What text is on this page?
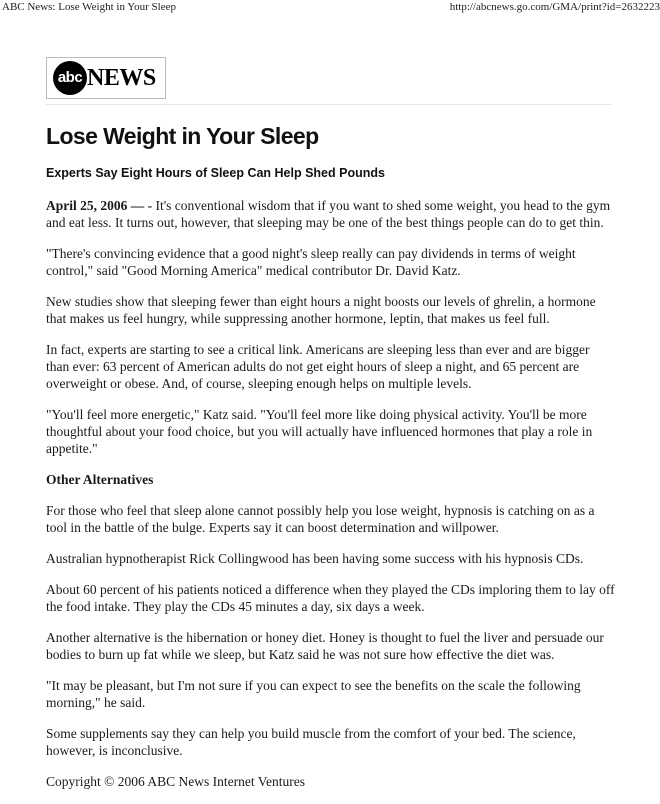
ABC News: Lose Weight in Your Sleep	http://abcnews.go.com/GMA/print?id=2632223
abc NEWS
Lose Weight in Your Sleep
Experts Say Eight Hours of Sleep Can Help Shed Pounds

April 25, 2006 — - It's conventional wisdom that if you want to shed some weight, you head to the gym and eat less. It turns out, however, that sleeping may be one of the best things people can do to get thin.

"There's convincing evidence that a good night's sleep really can pay dividends in terms of weight control," said "Good Morning America" medical contributor Dr. David Katz.

New studies show that sleeping fewer than eight hours a night boosts our levels of ghrelin, a hormone that makes us feel hungry, while suppressing another hormone, leptin, that makes us feel full.

In fact, experts are starting to see a critical link. Americans are sleeping less than ever and are bigger than ever: 63 percent of American adults do not get eight hours of sleep a night, and 65 percent are overweight or obese. And, of course, sleeping enough helps on multiple levels.

"You'll feel more energetic," Katz said. "You'll feel more like doing physical activity. You'll be more thoughtful about your food choice, but you will actually have influenced hormones that play a role in appetite."

Other Alternatives

For those who feel that sleep alone cannot possibly help you lose weight, hypnosis is catching on as a tool in the battle of the bulge. Experts say it can boost determination and willpower.

Australian hypnotherapist Rick Collingwood has been having some success with his hypnosis CDs.

About 60 percent of his patients noticed a difference when they played the CDs imploring them to lay off the food intake. They play the CDs 45 minutes a day, six days a week.

Another alternative is the hibernation or honey diet. Honey is thought to fuel the liver and persuade our bodies to burn up fat while we sleep, but Katz said he was not sure how effective the diet was.

"It may be pleasant, but I'm not sure if you can expect to see the benefits on the scale the following morning," he said.

Some supplements say they can help you build muscle from the comfort of your bed. The science, however, is inconclusive.

Copyright © 2006 ABC News Internet Ventures
